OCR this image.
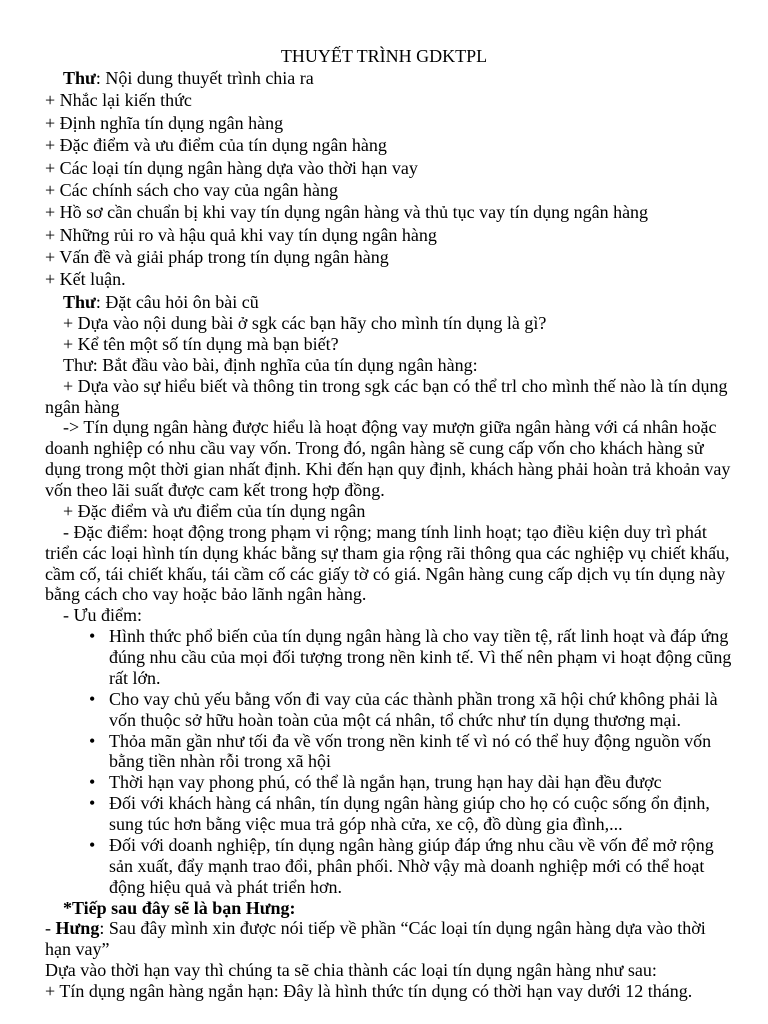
THUYẾT TRÌNH GDKTPL
Thư: Nội dung thuyết trình chia ra
+ Nhắc lại kiến thức
+ Định nghĩa tín dụng ngân hàng
+ Đặc điểm và ưu điểm của tín dụng ngân hàng
+ Các loại tín dụng ngân hàng dựa vào thời hạn vay
+ Các chính sách cho vay của ngân hàng
+ Hồ sơ cần chuẩn bị khi vay tín dụng ngân hàng và thủ tục vay tín dụng ngân hàng
+ Những rủi ro và hậu quả khi vay tín dụng ngân hàng
+ Vấn đề và giải pháp trong tín dụng ngân hàng
+ Kết luận.
Thư: Đặt câu hỏi ôn bài cũ
+ Dựa vào nội dung bài ở sgk các bạn hãy cho mình tín dụng là gì?
+ Kể tên một số tín dụng mà bạn biết?
Thư: Bắt đầu vào bài, định nghĩa của tín dụng ngân hàng:
+ Dựa vào sự hiểu biết và thông tin trong sgk các bạn có thể trl cho mình thế nào là tín dụng
ngân hàng
-> Tín dụng ngân hàng được hiểu là hoạt động vay mượn giữa ngân hàng với cá nhân hoặc
doanh nghiệp có nhu cầu vay vốn. Trong đó, ngân hàng sẽ cung cấp vốn cho khách hàng sử
dụng trong một thời gian nhất định. Khi đến hạn quy định, khách hàng phải hoàn trả khoản vay
vốn theo lãi suất được cam kết trong hợp đồng.
+ Đặc điểm và ưu điểm của tín dụng ngân
- Đặc điểm: hoạt động trong phạm vi rộng; mang tính linh hoạt; tạo điều kiện duy trì phát
triển các loại hình tín dụng khác bằng sự tham gia rộng rãi thông qua các nghiệp vụ chiết khấu,
cầm cố, tái chiết khấu, tái cầm cố các giấy tờ có giá. Ngân hàng cung cấp dịch vụ tín dụng này
bằng cách cho vay hoặc bảo lãnh ngân hàng.
- Ưu điểm:
• Hình thức phổ biến của tín dụng ngân hàng là cho vay tiền tệ, rất linh hoạt và đáp ứng
đúng nhu cầu của mọi đối tượng trong nền kinh tế. Vì thế nên phạm vi hoạt động cũng
rất lớn.
• Cho vay chủ yếu bằng vốn đi vay của các thành phần trong xã hội chứ không phải là
vốn thuộc sở hữu hoàn toàn của một cá nhân, tổ chức như tín dụng thương mại.
• Thỏa mãn gần như tối đa về vốn trong nền kinh tế vì nó có thể huy động nguồn vốn
bằng tiền nhàn rỗi trong xã hội
• Thời hạn vay phong phú, có thể là ngắn hạn, trung hạn hay dài hạn đều được
• Đối với khách hàng cá nhân, tín dụng ngân hàng giúp cho họ có cuộc sống ổn định,
sung túc hơn bằng việc mua trả góp nhà cửa, xe cộ, đồ dùng gia đình,...
• Đối với doanh nghiệp, tín dụng ngân hàng giúp đáp ứng nhu cầu về vốn để mở rộng
sản xuất, đẩy mạnh trao đổi, phân phối. Nhờ vậy mà doanh nghiệp mới có thể hoạt
động hiệu quả và phát triển hơn.
*Tiếp sau đây sẽ là bạn Hưng:
- Hưng: Sau đây mình xin được nói tiếp về phần “Các loại tín dụng ngân hàng dựa vào thời
hạn vay”
Dựa vào thời hạn vay thì chúng ta sẽ chia thành các loại tín dụng ngân hàng như sau:
+ Tín dụng ngân hàng ngắn hạn: Đây là hình thức tín dụng có thời hạn vay dưới 12 tháng.
